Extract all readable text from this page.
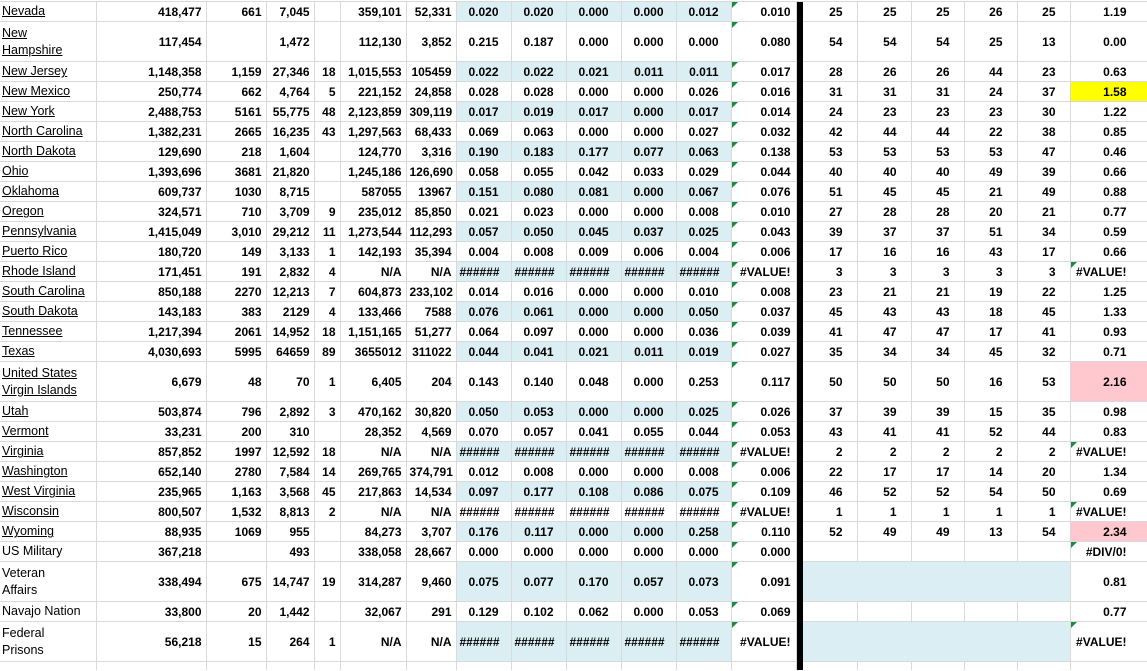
Nevada	418,477	661	7,045		359,101	52,331	0.020	0.020	0.000	0.000	0.012	0.010		25	25	25	26	25	1.19
New
Hampshire	117,454		1,472		112,130	3,852	0.215	0.187	0.000	0.000	0.000	0.080		54	54	54	25	13	0.00
New Jersey	1,148,358	1,159	27,346	18	1,015,553	105459	0.022	0.022	0.021	0.011	0.011	0.017		28	26	26	44	23	0.63
New Mexico	250,774	662	4,764	5	221,152	24,858	0.028	0.028	0.000	0.000	0.026	0.016		31	31	31	24	37	1.58
New York	2,488,753	5161	55,775	48	2,123,859	309,119	0.017	0.019	0.017	0.000	0.017	0.014		24	23	23	23	30	1.22
North Carolina	1,382,231	2665	16,235	43	1,297,563	68,433	0.069	0.063	0.000	0.000	0.027	0.032		42	44	44	22	38	0.85
North Dakota	129,690	218	1,604		124,770	3,316	0.190	0.183	0.177	0.077	0.063	0.138		53	53	53	53	47	0.46
Ohio	1,393,696	3681	21,820		1,245,186	126,690	0.058	0.055	0.042	0.033	0.029	0.044		40	40	40	49	39	0.66
Oklahoma	609,737	1030	8,715		587055	13967	0.151	0.080	0.081	0.000	0.067	0.076		51	45	45	21	49	0.88
Oregon	324,571	710	3,709	9	235,012	85,850	0.021	0.023	0.000	0.000	0.008	0.010		27	28	28	20	21	0.77
Pennsylvania	1,415,049	3,010	29,212	11	1,273,544	112,293	0.057	0.050	0.045	0.037	0.025	0.043		39	37	37	51	34	0.59
Puerto Rico	180,720	149	3,133	1	142,193	35,394	0.004	0.008	0.009	0.006	0.004	0.006		17	16	16	43	17	0.66
Rhode Island	171,451	191	2,832	4	N/A	N/A	######	######	######	######	######	#VALUE!		3	3	3	3	3	#VALUE!
South Carolina	850,188	2270	12,213	7	604,873	233,102	0.014	0.016	0.000	0.000	0.010	0.008		23	21	21	19	22	1.25
South Dakota	143,183	383	2129	4	133,466	7588	0.076	0.061	0.000	0.000	0.050	0.037		45	43	43	18	45	1.33
Tennessee	1,217,394	2061	14,952	18	1,151,165	51,277	0.064	0.097	0.000	0.000	0.036	0.039		41	47	47	17	41	0.93
Texas	4,030,693	5995	64659	89	3655012	311022	0.044	0.041	0.021	0.011	0.019	0.027		35	34	34	45	32	0.71
United States
Virgin Islands	6,679	48	70	1	6,405	204	0.143	0.140	0.048	0.000	0.253	0.117		50	50	50	16	53	2.16
Utah	503,874	796	2,892	3	470,162	30,820	0.050	0.053	0.000	0.000	0.025	0.026		37	39	39	15	35	0.98
Vermont	33,231	200	310		28,352	4,569	0.070	0.057	0.041	0.055	0.044	0.053		43	41	41	52	44	0.83
Virginia	857,852	1997	12,592	18	N/A	N/A	######	######	######	######	######	#VALUE!		2	2	2	2	2	#VALUE!
Washington	652,140	2780	7,584	14	269,765	374,791	0.012	0.008	0.000	0.000	0.008	0.006		22	17	17	14	20	1.34
West Virginia	235,965	1,163	3,568	45	217,863	14,534	0.097	0.177	0.108	0.086	0.075	0.109		46	52	52	54	50	0.69
Wisconsin	800,507	1,532	8,813	2	N/A	N/A	######	######	######	######	######	#VALUE!		1	1	1	1	1	#VALUE!
Wyoming	88,935	1069	955		84,273	3,707	0.176	0.117	0.000	0.000	0.258	0.110		52	49	49	13	54	2.34
US Military	367,218		493		338,058	28,667	0.000	0.000	0.000	0.000	0.000	0.000							#DIV/0!
Veteran
Affairs	338,494	675	14,747	19	314,287	9,460	0.075	0.077	0.170	0.057	0.073	0.091							0.81
Navajo Nation	33,800	20	1,442		32,067	291	0.129	0.102	0.062	0.000	0.053	0.069							0.77
Federal
Prisons	56,218	15	264	1	N/A	N/A	######	######	######	######	######	#VALUE!							#VALUE!
